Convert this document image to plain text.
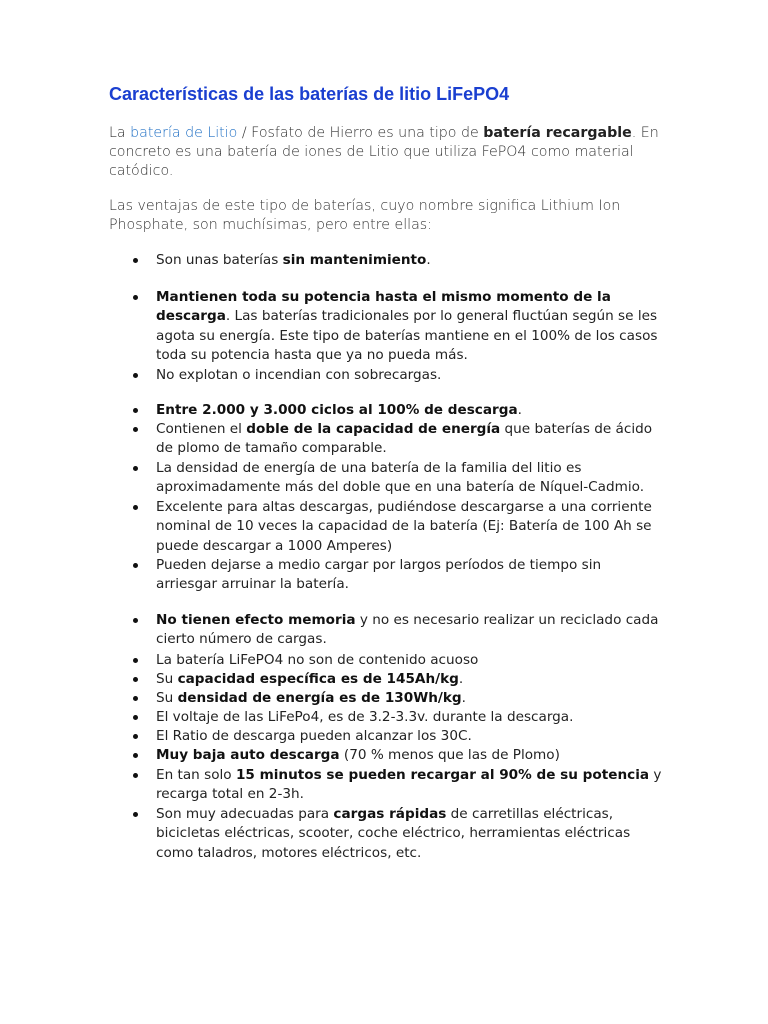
Características de las baterías de litio LiFePO4

La batería de Litio / Fosfato de Hierro es una tipo de batería recargable. En concreto es una batería de iones de Litio que utiliza FePO4 como material catódico.

Las ventajas de este tipo de baterías, cuyo nombre significa Lithium Ion Phosphate, son muchísimas, pero entre ellas:

Son unas baterías sin mantenimiento.
Mantienen toda su potencia hasta el mismo momento de la descarga. Las baterías tradicionales por lo general fluctúan según se les agota su energía. Este tipo de baterías mantiene en el 100% de los casos toda su potencia hasta que ya no pueda más.
No explotan o incendian con sobrecargas.
Entre 2.000 y 3.000 ciclos al 100% de descarga.
Contienen el doble de la capacidad de energía que baterías de ácido de plomo de tamaño comparable.
La densidad de energía de una batería de la familia del litio es aproximadamente más del doble que en una batería de Níquel-Cadmio.
Excelente para altas descargas, pudiéndose descargarse a una corriente nominal de 10 veces la capacidad de la batería (Ej: Batería de 100 Ah se puede descargar a 1000 Amperes)
Pueden dejarse a medio cargar por largos períodos de tiempo sin arriesgar arruinar la batería.
No tienen efecto memoria y no es necesario realizar un reciclado cada cierto número de cargas.
La batería LiFePO4 no son de contenido acuoso
Su capacidad específica es de 145Ah/kg.
Su densidad de energía es de 130Wh/kg.
El voltaje de las LiFePo4, es de 3.2-3.3v. durante la descarga.
El Ratio de descarga pueden alcanzar los 30C.
Muy baja auto descarga (70 % menos que las de Plomo)
En tan solo 15 minutos se pueden recargar al 90% de su potencia y recarga total en 2-3h.
Son muy adecuadas para cargas rápidas de carretillas eléctricas, bicicletas eléctricas, scooter, coche eléctrico, herramientas eléctricas como taladros, motores eléctricos, etc.
